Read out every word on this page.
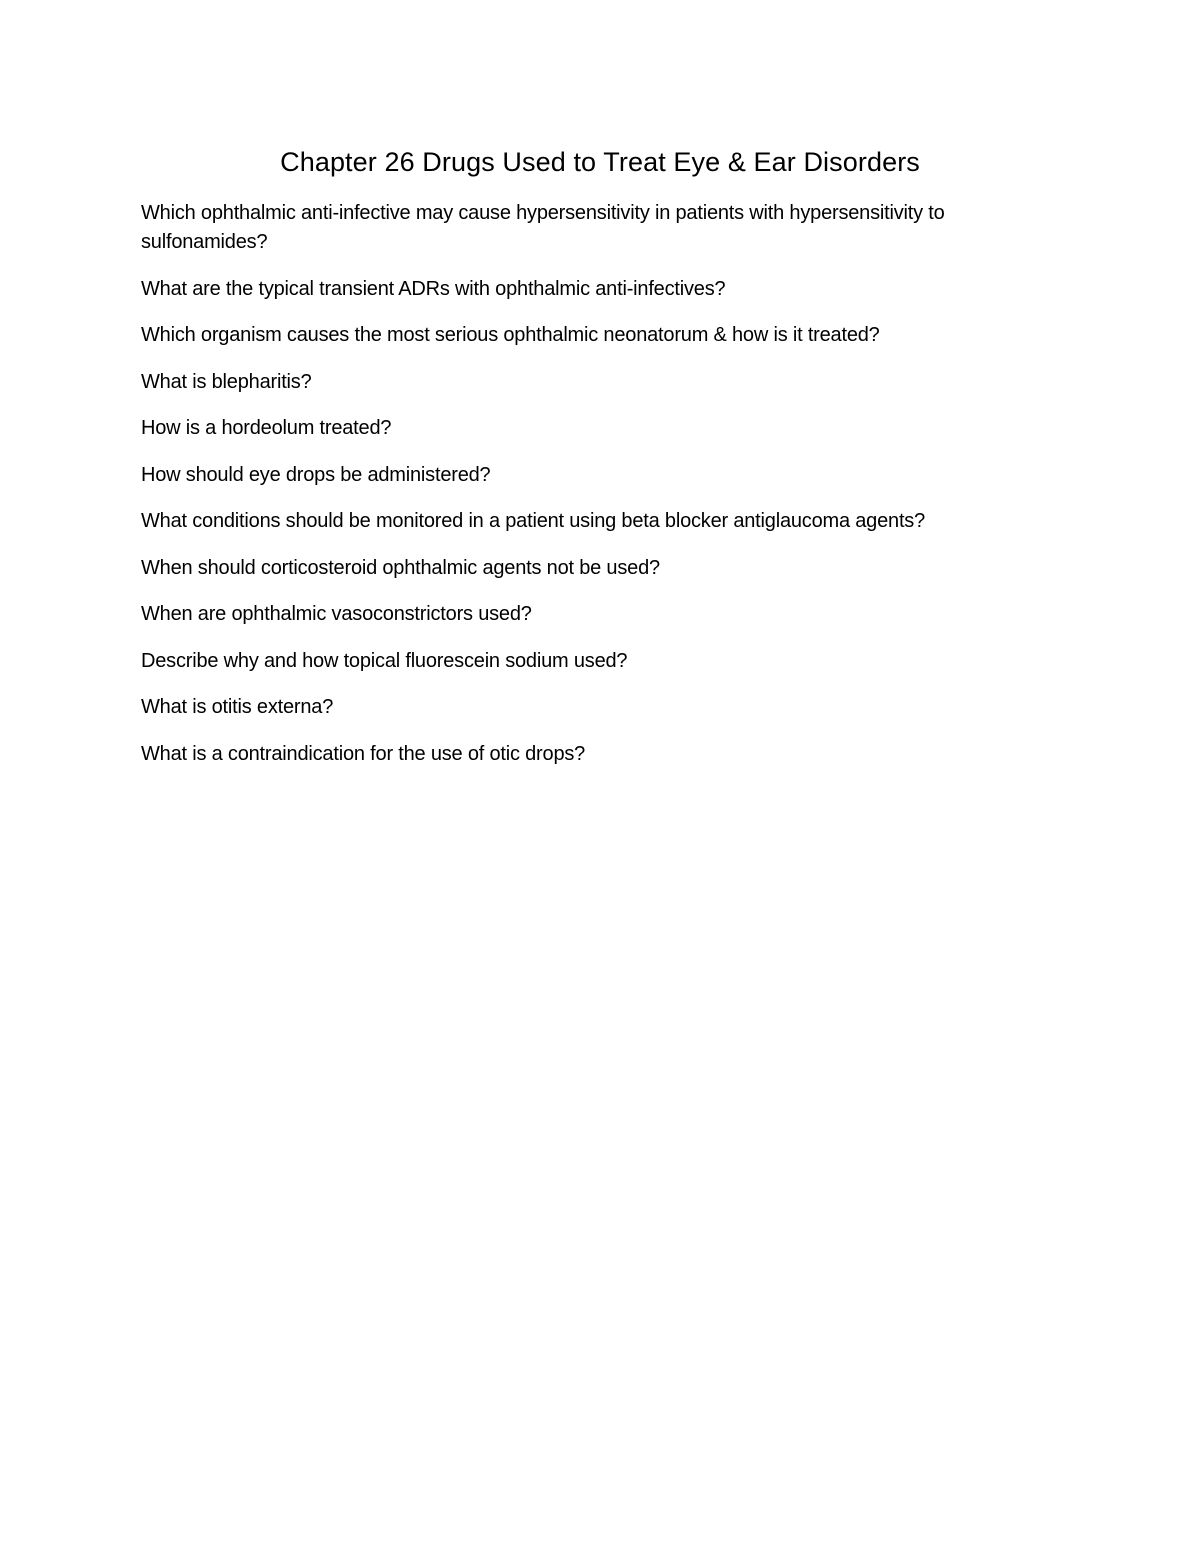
Chapter 26 Drugs Used to Treat Eye & Ear Disorders
Which ophthalmic anti-infective may cause hypersensitivity in patients with hypersensitivity to sulfonamides?
What are the typical transient ADRs with ophthalmic anti-infectives?
Which organism causes the most serious ophthalmic neonatorum & how is it treated?
What is blepharitis?
How is a hordeolum treated?
How should eye drops be administered?
What conditions should be monitored in a patient using beta blocker antiglaucoma agents?
When should corticosteroid ophthalmic agents not be used?
When are ophthalmic vasoconstrictors used?
Describe why and how topical fluorescein sodium used?
What is otitis externa?
What is a contraindication for the use of otic drops?
